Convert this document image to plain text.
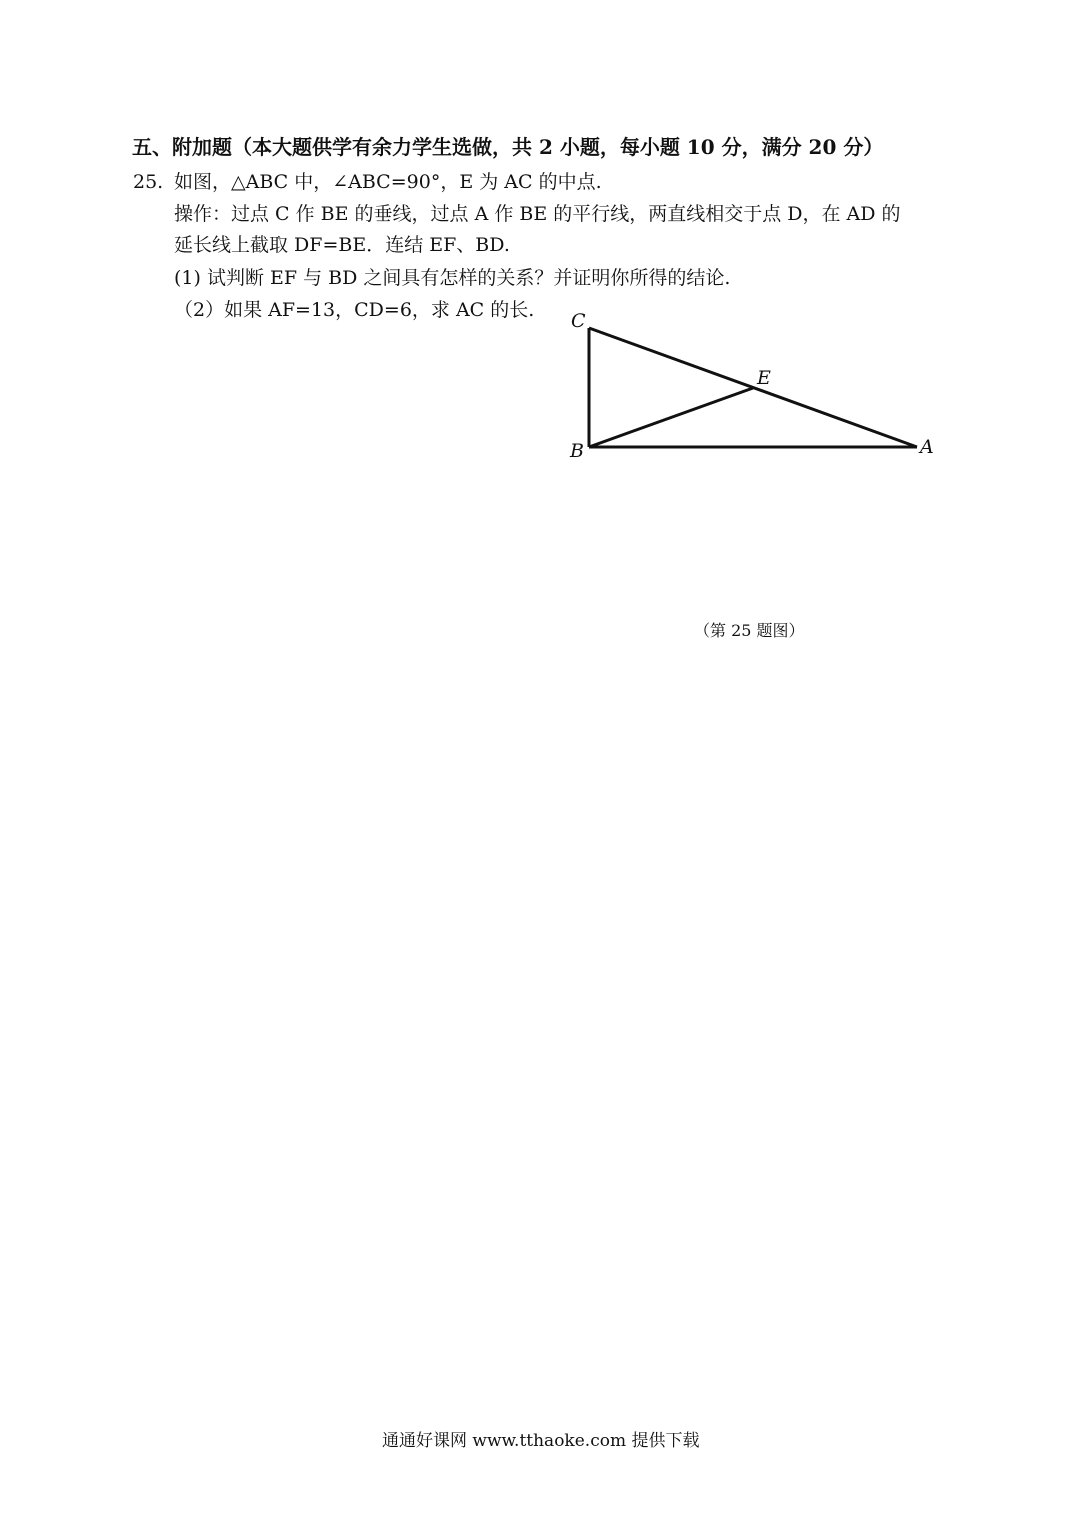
五、附加题（本大题供学有余力学生选做，共 2 小题，每小题 10 分，满分 20 分）
25. 如图，△ABC 中，∠ABC=90°，E 为 AC 的中点.
操作：过点 C 作 BE 的垂线，过点 A 作 BE 的平行线，两直线相交于点 D，在 AD 的
延长线上截取 DF=BE．连结 EF、BD.
(1) 试判断 EF 与 BD 之间具有怎样的关系？并证明你所得的结论.
（2）如果 AF=13，CD=6，求 AC 的长. C
E
B	A
（第 25 题图）
通通好课网 www.tthaoke.com 提供下载
